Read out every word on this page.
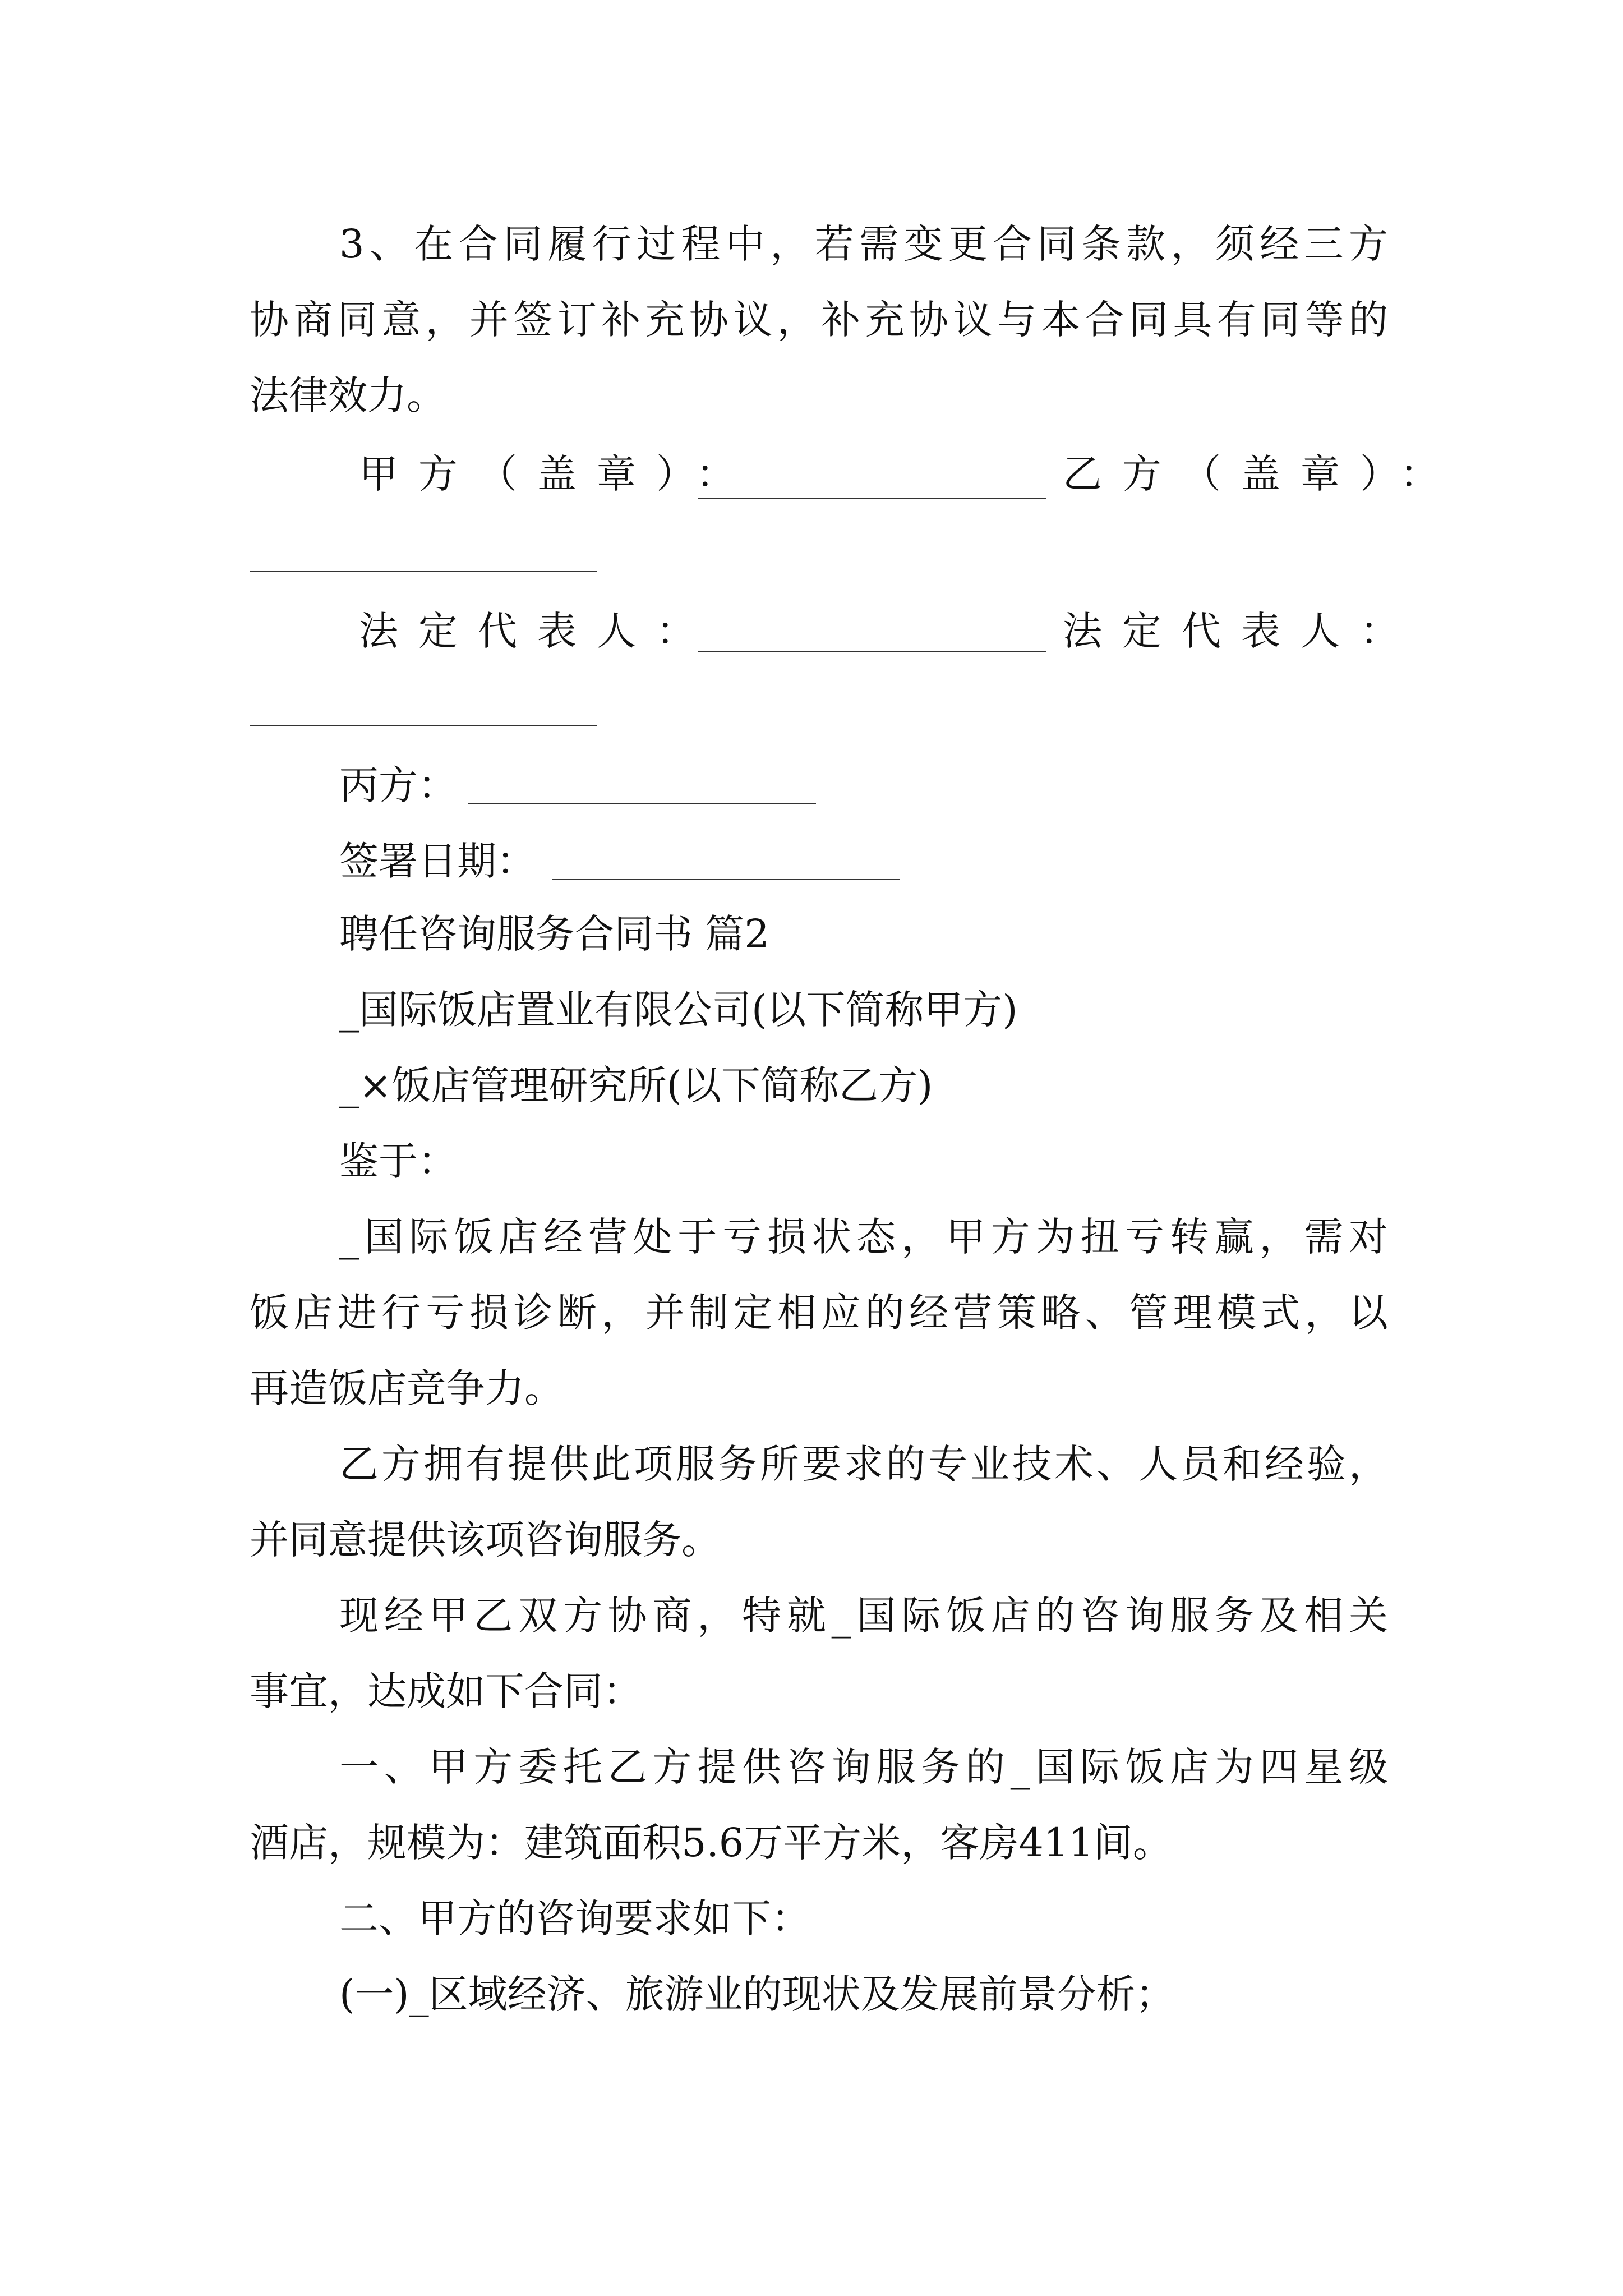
3、在合同履行过程中，若需变更合同条款，须经三方
协商同意，并签订补充协议，补充协议与本合同具有同等的
法律效力。
甲方（盖章）：	乙方（盖章）：
法定代表人：	法定代表人：
丙方：
签署日期：
聘任咨询服务合同书 篇2
_国际饭店置业有限公司(以下简称甲方)
_×饭店管理研究所(以下简称乙方)
鉴于：
_国际饭店经营处于亏损状态，甲方为扭亏转赢，需对
饭店进行亏损诊断，并制定相应的经营策略、管理模式，以
再造饭店竞争力。
乙方拥有提供此项服务所要求的专业技术、人员和经验，
并同意提供该项咨询服务。
现经甲乙双方协商，特就_国际饭店的咨询服务及相关
事宜，达成如下合同：
一、甲方委托乙方提供咨询服务的_国际饭店为四星级
酒店，规模为：建筑面积5.6万平方米，客房411间。
二、甲方的咨询要求如下：
(一)_区域经济、旅游业的现状及发展前景分析；
